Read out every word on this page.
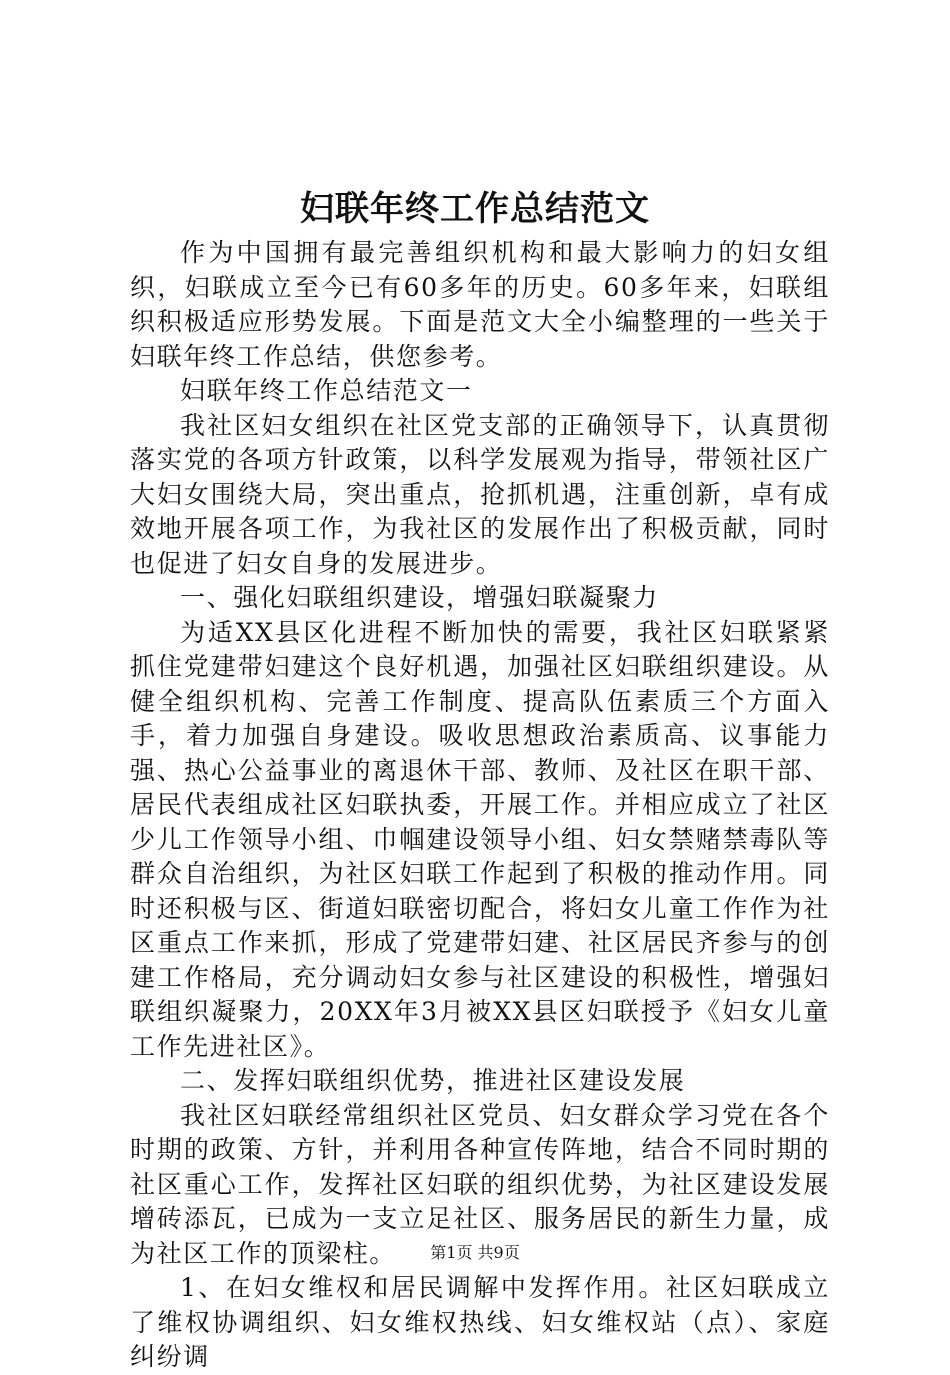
妇联年终工作总结范文

作为中国拥有最完善组织机构和最大影响力的妇女组织，妇联成立至今已有60多年的历史。60多年来，妇联组织积极适应形势发展。下面是范文大全小编整理的一些关于妇联年终工作总结，供您参考。

妇联年终工作总结范文一

我社区妇女组织在社区党支部的正确领导下，认真贯彻落实党的各项方针政策，以科学发展观为指导，带领社区广大妇女围绕大局，突出重点，抢抓机遇，注重创新，卓有成效地开展各项工作，为我社区的发展作出了积极贡献，同时也促进了妇女自身的发展进步。

一、强化妇联组织建设，增强妇联凝聚力

为适XX县区化进程不断加快的需要，我社区妇联紧紧抓住党建带妇建这个良好机遇，加强社区妇联组织建设。从健全组织机构、完善工作制度、提高队伍素质三个方面入手，着力加强自身建设。吸收思想政治素质高、议事能力强、热心公益事业的离退休干部、教师、及社区在职干部、居民代表组成社区妇联执委，开展工作。并相应成立了社区少儿工作领导小组、巾帼建设领导小组、妇女禁赌禁毒队等群众自治组织，为社区妇联工作起到了积极的推动作用。同时还积极与区、街道妇联密切配合，将妇女儿童工作作为社区重点工作来抓，形成了党建带妇建、社区居民齐参与的创建工作格局，充分调动妇女参与社区建设的积极性，增强妇联组织凝聚力，20XX年3月被XX县区妇联授予《妇女儿童工作先进社区》。

二、发挥妇联组织优势，推进社区建设发展

我社区妇联经常组织社区党员、妇女群众学习党在各个时期的政策、方针，并利用各种宣传阵地，结合不同时期的社区重心工作，发挥社区妇联的组织优势，为社区建设发展增砖添瓦，已成为一支立足社区、服务居民的新生力量，成为社区工作的顶梁柱。

1、在妇女维权和居民调解中发挥作用。社区妇联成立了维权协调组织、妇女维权热线、妇女维权站（点）、家庭纠纷调

第1页 共9页
